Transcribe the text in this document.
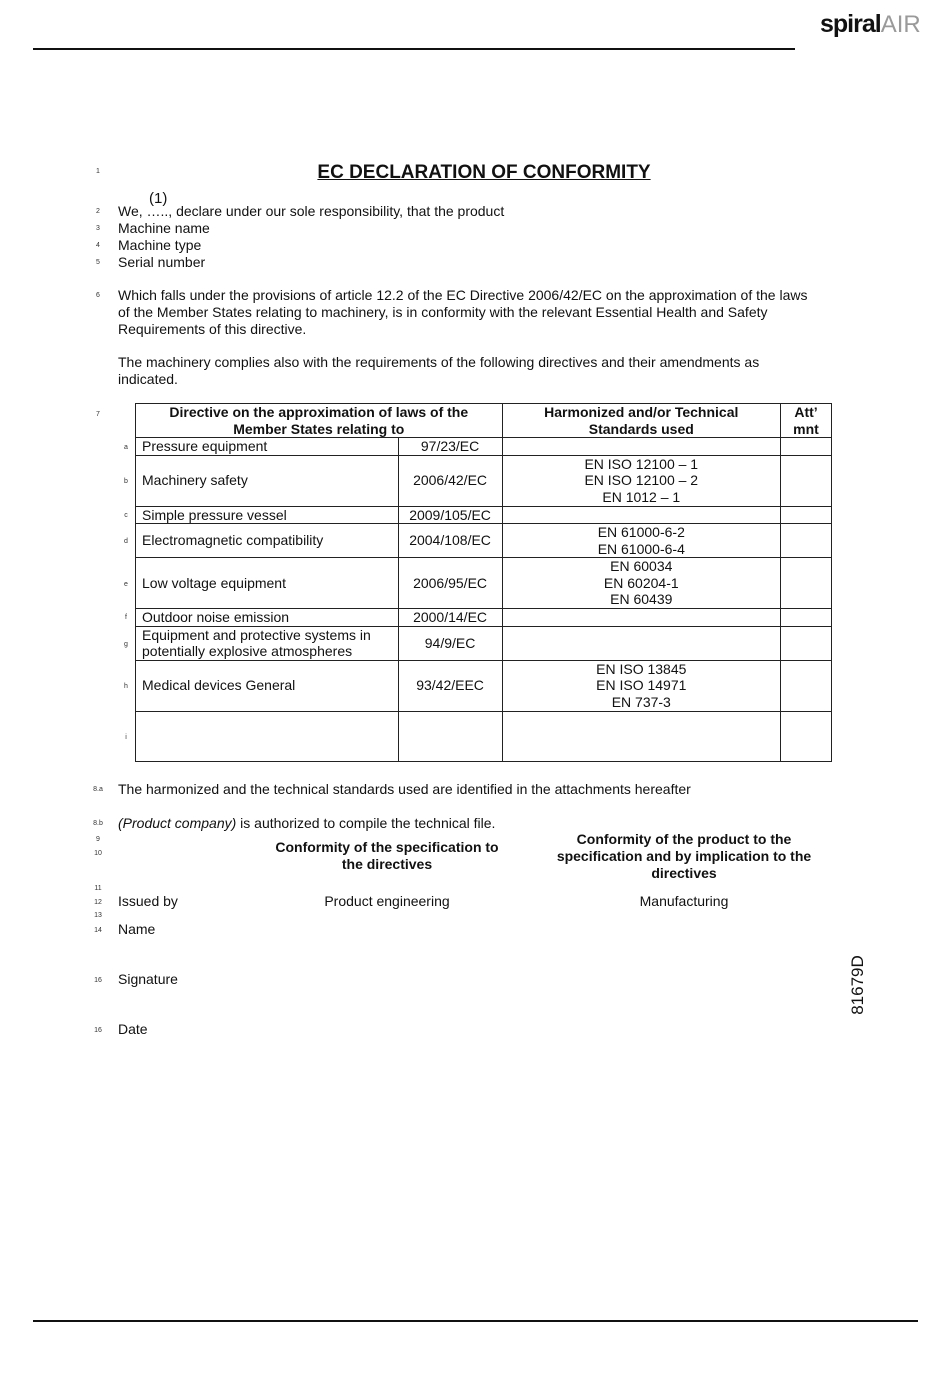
spiralAIR
1	EC DECLARATION OF CONFORMITY
(1)
2	We, ….., declare under our sole responsibility, that the product
3	Machine name
4	Machine type
5	Serial number
6	Which falls under the provisions of article 12.2 of the EC Directive 2006/42/EC on the approximation of the laws of the Member States relating to machinery, is in conformity with the relevant Essential Health and Safety Requirements of this directive.
The machinery complies also with the requirements of the following directives and their amendments as indicated.
7	Directive on the approximation of laws of the Member States relating to		Harmonized and/or Technical Standards used	Att’ mnt
Pressure equipment	97/23/EC		
Machinery safety	2006/42/EC	EN ISO 12100 – 1
EN ISO 12100 – 2
EN 1012 – 1	
Simple pressure vessel	2009/105/EC		
Electromagnetic compatibility	2004/108/EC	EN 61000-6-2
EN 61000-6-4	
Low voltage equipment	2006/95/EC	EN 60034
EN 60204-1
EN 60439	
Outdoor noise emission	2000/14/EC		
Equipment and protective systems in potentially explosive atmospheres	94/9/EC		
Medical devices General	93/42/EEC	EN ISO 13845
EN ISO 14971
EN 737-3	

a
b
c
d
e
f
g
h
i
8.a	The harmonized and the technical standards used are identified in the attachments hereafter
8.b	(Product company) is authorized to compile the technical file.
9
10	Conformity of the specification to the directives
Conformity of the product to the specification and by implication to the directives
11
12	Issued by	Product engineering	Manufacturing
13
14	Name
16	Signature
16	Date
81679D
